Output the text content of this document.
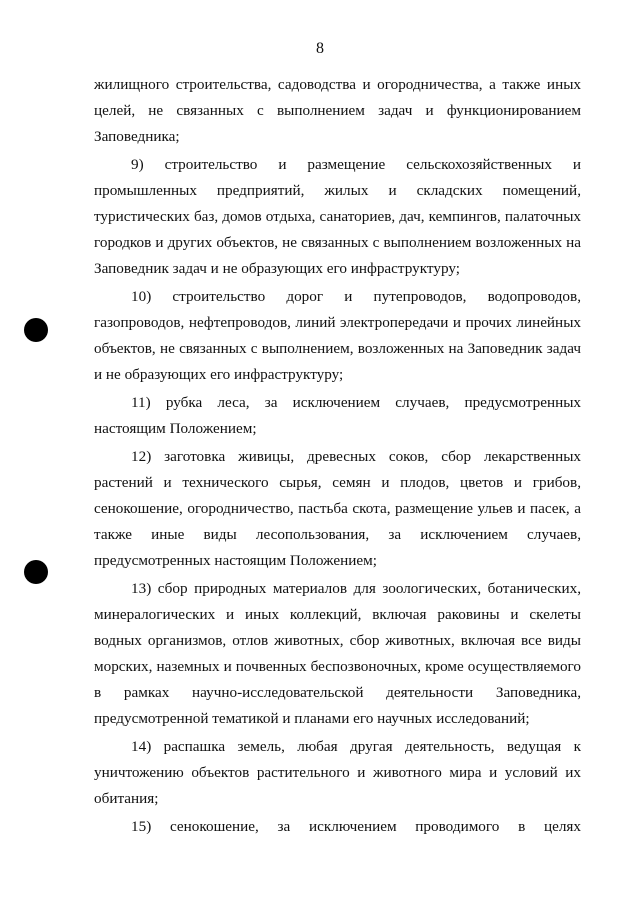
8

жилищного строительства, садоводства и огородничества, а также иных целей, не связанных с выполнением задач и функционированием Заповедника;

9) строительство и размещение сельскохозяйственных и промышленных предприятий, жилых и складских помещений, туристических баз, домов отдыха, санаториев, дач, кемпингов, палаточных городков и других объектов, не связанных с выполнением возложенных на Заповедник задач и не образующих его инфраструктуру;

10) строительство дорог и путепроводов, водопроводов, газопроводов, нефтепроводов, линий электропередачи и прочих линейных объектов, не связанных с выполнением, возложенных на Заповедник задач и не образующих его инфраструктуру;

11) рубка леса, за исключением случаев, предусмотренных настоящим Положением;

12) заготовка живицы, древесных соков, сбор лекарственных растений и технического сырья, семян и плодов, цветов и грибов, сенокошение, огородничество, пастьба скота, размещение ульев и пасек, а также иные виды лесопользования, за исключением случаев, предусмотренных настоящим Положением;

13) сбор природных материалов для зоологических, ботанических, минералогических и иных коллекций, включая раковины и скелеты водных организмов, отлов животных, сбор животных, включая все виды морских, наземных и почвенных беспозвоночных, кроме осуществляемого в рамках научно-исследовательской деятельности Заповедника, предусмотренной тематикой и планами его научных исследований;

14) распашка земель, любая другая деятельность, ведущая к уничтожению объектов растительного и животного мира и условий их обитания;

15) сенокошение, за исключением проводимого в целях
